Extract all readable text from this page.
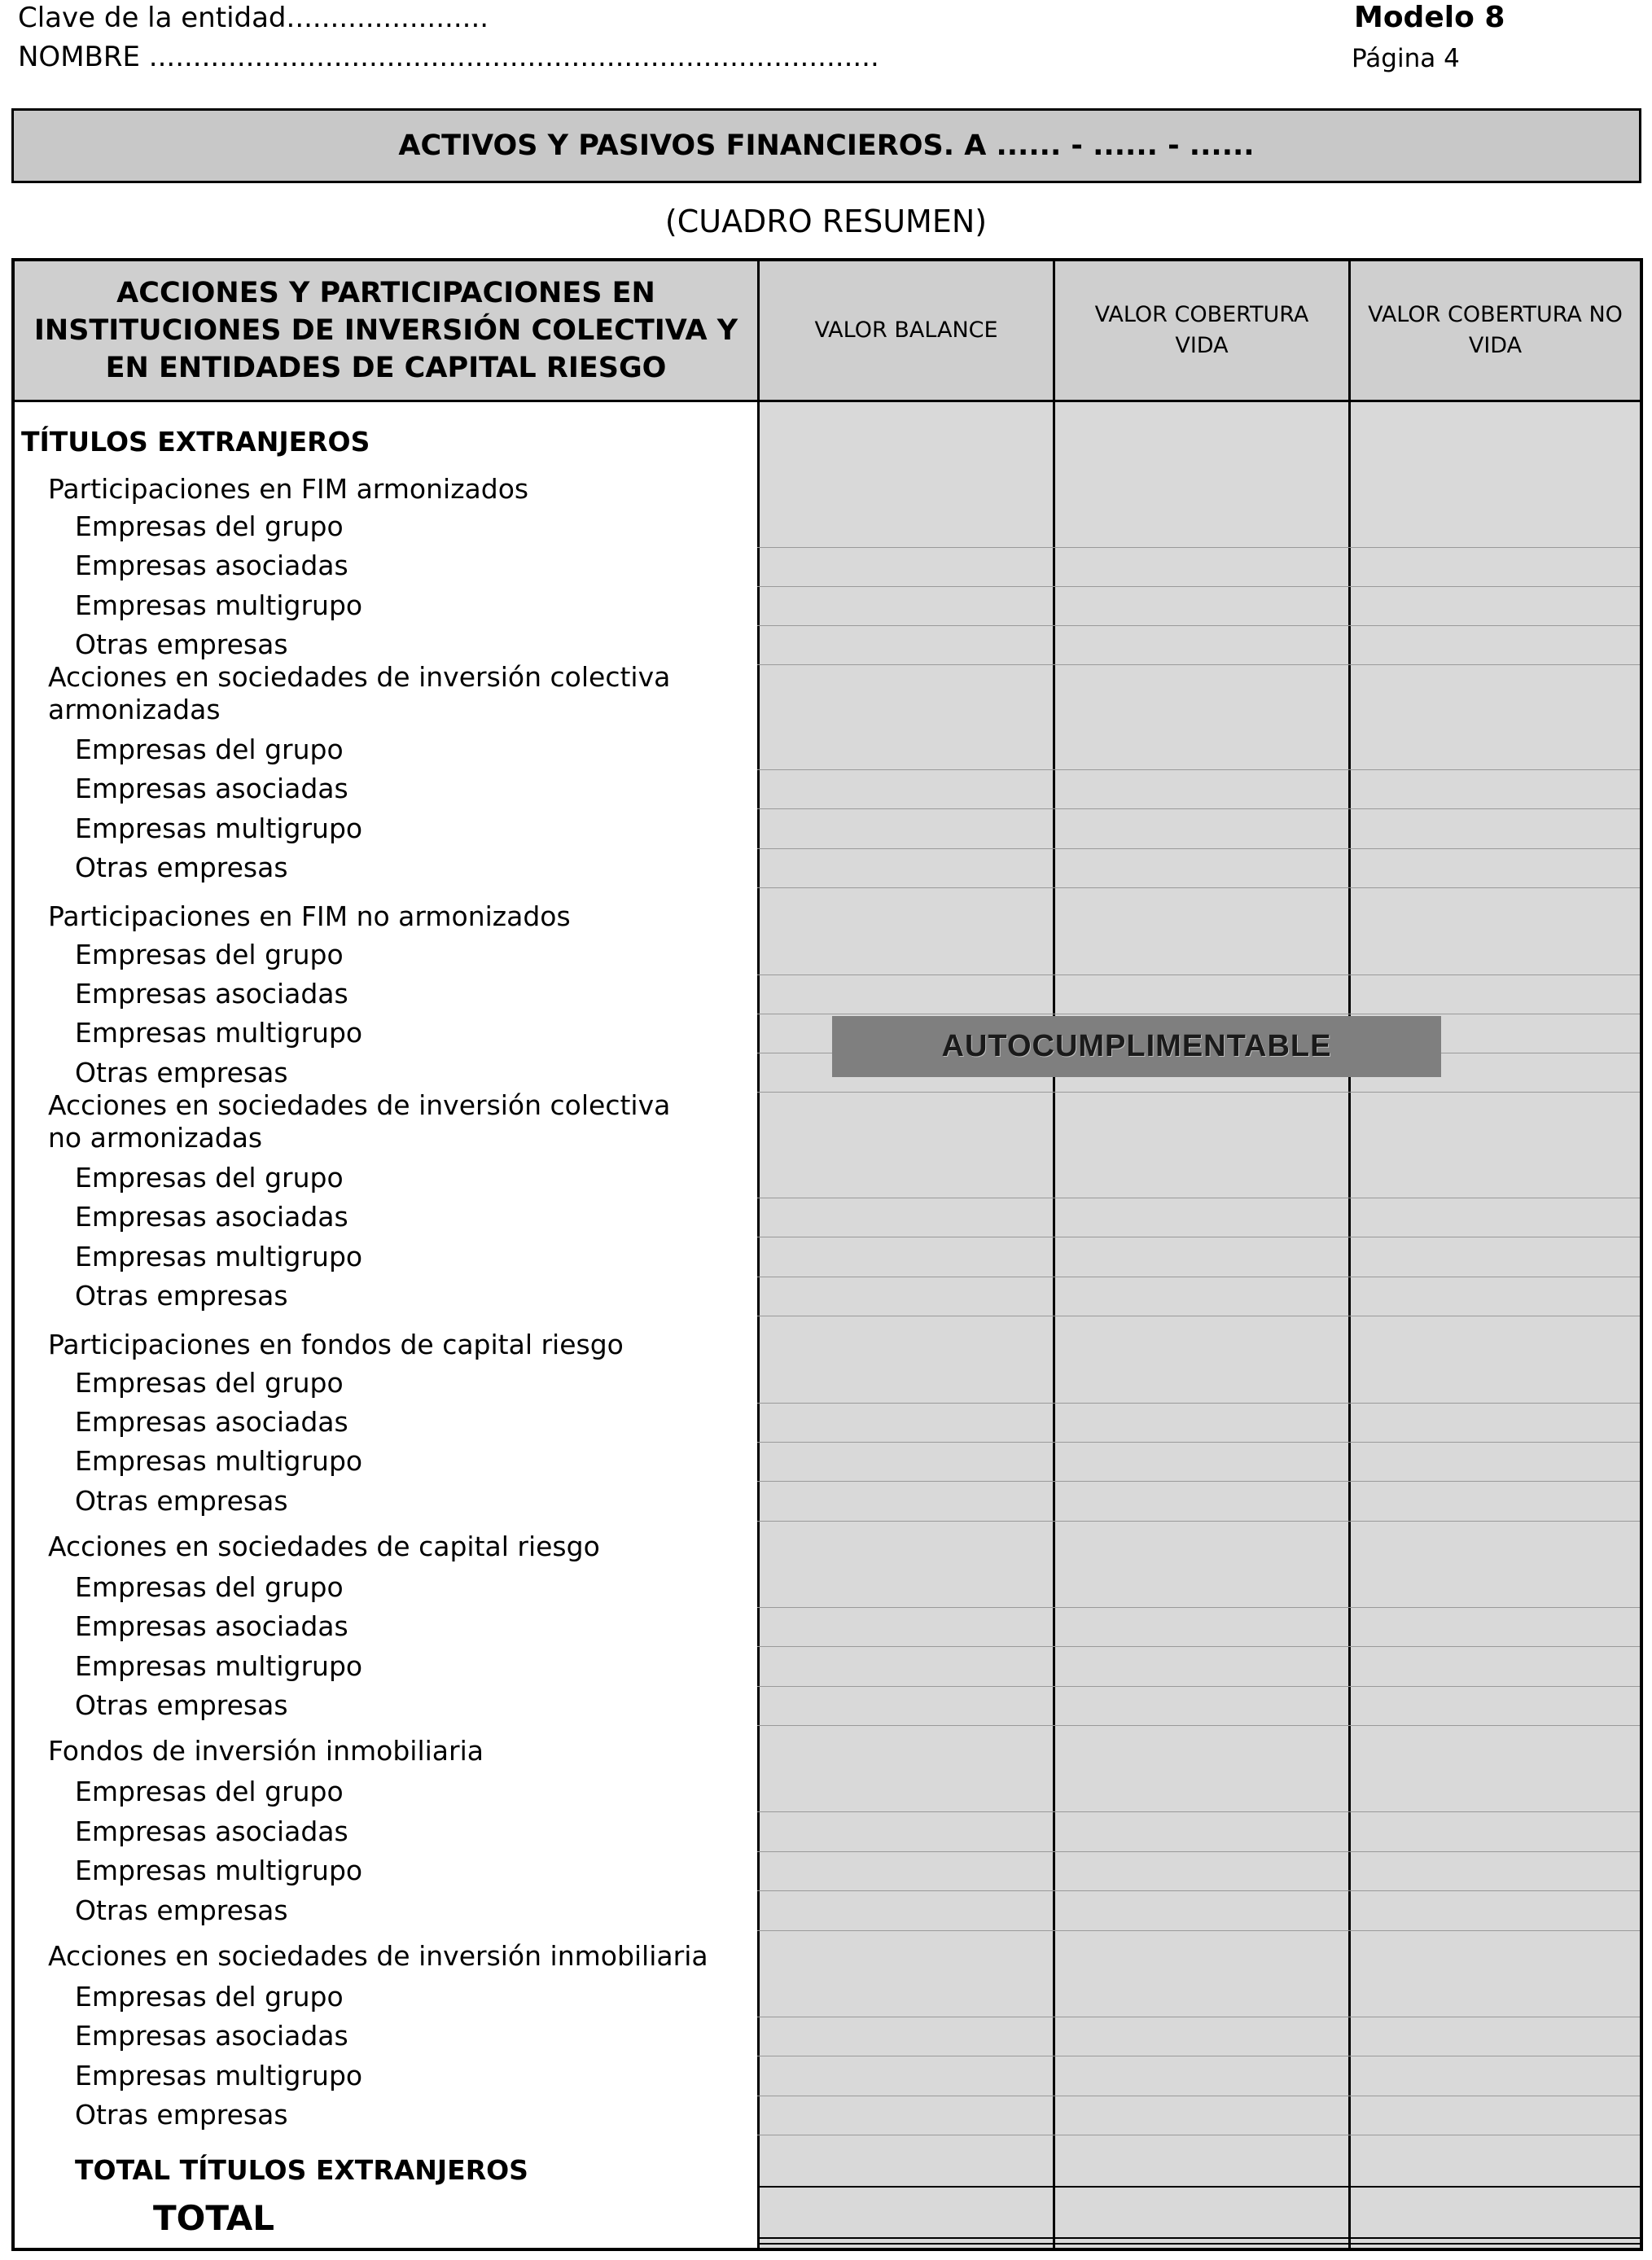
Clave de la entidad.......................
NOMBRE ...................................................................................
Modelo 8
Página 4
ACTIVOS Y PASIVOS FINANCIEROS. A ...... - ...... - ......
(CUADRO RESUMEN)
ACCIONES Y PARTICIPACIONES EN INSTITUCIONES DE INVERSIÓN COLECTIVA Y EN ENTIDADES DE CAPITAL RIESGO
VALOR BALANCE
VALOR COBERTURA VIDA
VALOR COBERTURA NO VIDA
TÍTULOS EXTRANJEROS
Participaciones en FIM armonizados
Empresas del grupo
Empresas asociadas
Empresas multigrupo
Otras empresas
Acciones en sociedades de inversión colectiva armonizadas
Empresas del grupo
Empresas asociadas
Empresas multigrupo
Otras empresas
Participaciones en FIM no armonizados
Empresas del grupo
Empresas asociadas
Empresas multigrupo
Otras empresas
Acciones en sociedades de inversión colectiva no armonizadas
Empresas del grupo
Empresas asociadas
Empresas multigrupo
Otras empresas
Participaciones en fondos de capital riesgo
Empresas del grupo
Empresas asociadas
Empresas multigrupo
Otras empresas
Acciones en sociedades de capital riesgo
Empresas del grupo
Empresas asociadas
Empresas multigrupo
Otras empresas
Fondos de inversión inmobiliaria
Empresas del grupo
Empresas asociadas
Empresas multigrupo
Otras empresas
Acciones en sociedades de inversión inmobiliaria
Empresas del grupo
Empresas asociadas
Empresas multigrupo
Otras empresas
TOTAL TÍTULOS EXTRANJEROS
TOTAL
AUTOCUMPLIMENTABLE
